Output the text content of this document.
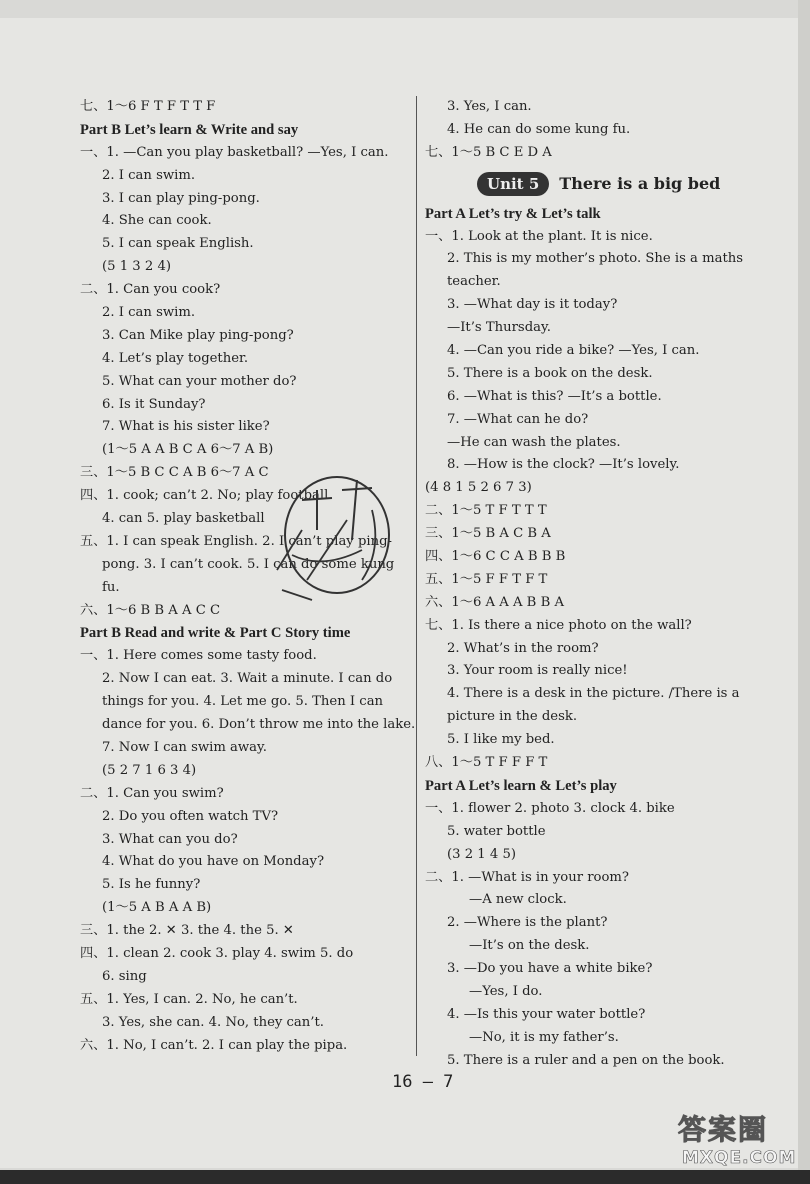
七、1～6 F T F T T F
Part B Let’s learn & Write and say
一、1. —Can you play basketball? —Yes, I can.
2. I can swim.
3. I can play ping-pong.
4. She can cook.
5. I can speak English.
(5 1 3 2 4)
二、1. Can you cook?
2. I can swim.
3. Can Mike play ping-pong?
4. Let’s play together.
5. What can your mother do?
6. Is it Sunday?
7. What is his sister like?
(1～5 A A B C A 6～7 A B)
三、1～5 B C C A B 6～7 A C
四、1. cook; can’t 2. No; play football
4. can 5. play basketball
五、1. I can speak English. 2. I can’t play ping-
pong. 3. I can’t cook. 5. I can do some kung
fu.
六、1～6 B B A A C C
Part B Read and write & Part C Story time
一、1. Here comes some tasty food.
2. Now I can eat. 3. Wait a minute. I can do
things for you. 4. Let me go. 5. Then I can
dance for you. 6. Don’t throw me into the lake.
7. Now I can swim away.
(5 2 7 1 6 3 4)
二、1. Can you swim?
2. Do you often watch TV?
3. What can you do?
4. What do you have on Monday?
5. Is he funny?
(1～5 A B A A B)
三、1. the 2. ✕ 3. the 4. the 5. ✕
四、1. clean 2. cook 3. play 4. swim 5. do
6. sing
五、1. Yes, I can. 2. No, he can’t.
3. Yes, she can. 4. No, they can’t.
六、1. No, I can’t. 2. I can play the pipa.
3. Yes, I can.
4. He can do some kung fu.
七、1～5 B C E D A
Unit 5 There is a big bed
Part A Let’s try & Let’s talk
一、1. Look at the plant. It is nice.
2. This is my mother’s photo. She is a maths
teacher.
3. —What day is it today?
—It’s Thursday.
4. —Can you ride a bike? —Yes, I can.
5. There is a book on the desk.
6. —What is this? —It’s a bottle.
7. —What can he do?
—He can wash the plates.
8. —How is the clock? —It’s lovely.
(4 8 1 5 2 6 7 3)
二、1～5 T F T T T
三、1～5 B A C B A
四、1～6 C C A B B B
五、1～5 F F T F T
六、1～6 A A A B B A
七、1. Is there a nice photo on the wall?
2. What’s in the room?
3. Your room is really nice!
4. There is a desk in the picture. /There is a
picture in the desk.
5. I like my bed.
八、1～5 T F F F T
Part A Let’s learn & Let’s play
一、1. flower 2. photo 3. clock 4. bike
5. water bottle
(3 2 1 4 5)
二、1. —What is in your room?
—A new clock.
2. —Where is the plant?
—It’s on the desk.
3. —Do you have a white bike?
—Yes, I do.
4. —Is this your water bottle?
—No, it is my father’s.
5. There is a ruler and a pen on the book.
16 — 7
答案圈
MXQE.COM
